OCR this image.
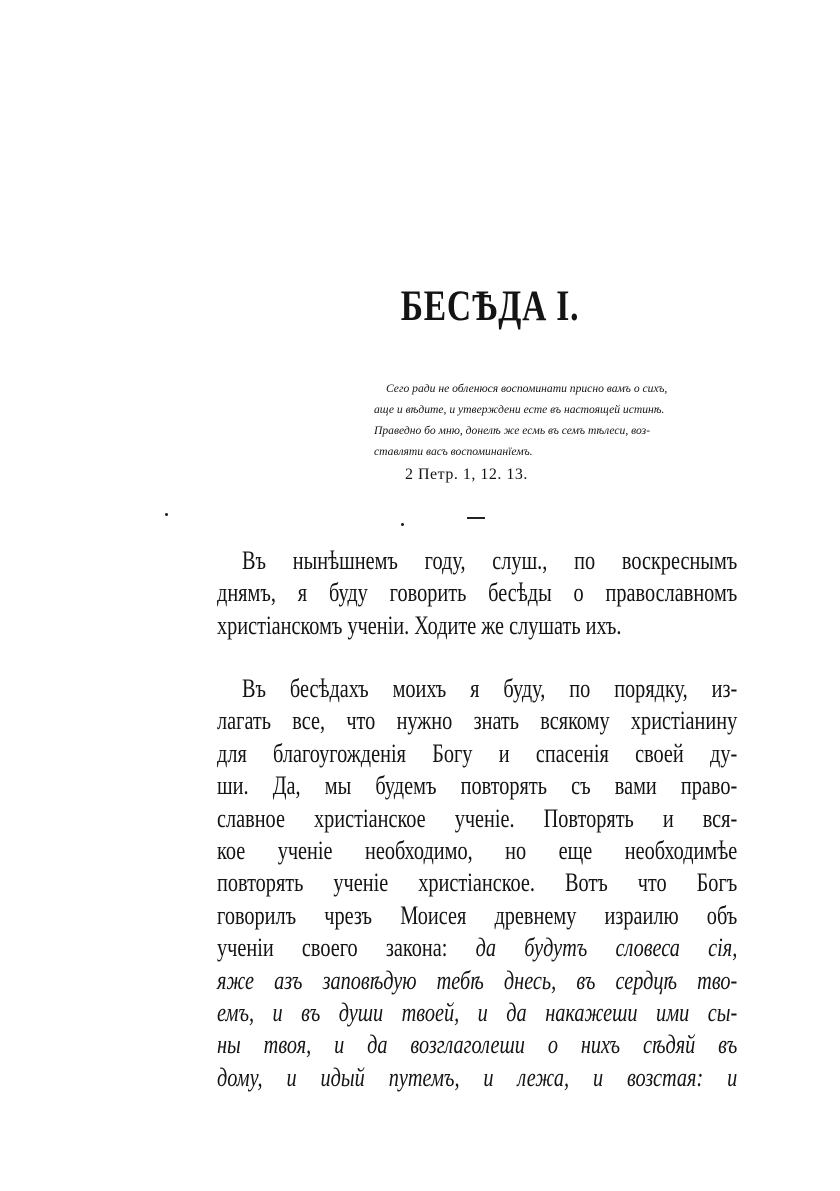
БЕСѢДА I.
Сего ради не обленюся воспоминати присно вамъ о сихъ,
аще и вѣдите, и утверждени есте въ настоящей истинѣ.
Праведно бо мню, донелѣ же есмь въ семъ тѣлеси, воз-
ставляти васъ воспоминанїемъ.
2 Петр. 1, 12. 13.
Въ нынѣшнемъ году, слуш., по воскреснымъ
днямъ, я буду говорить бесѣды о православномъ
христіанскомъ ученіи. Ходите же слушать ихъ.
Въ бесѣдахъ моихъ я буду, по порядку, из-
лагать все, что нужно знать всякому христіанину
для благоугожденія Богу и спасенія своей ду-
ши. Да, мы будемъ повторять съ вами право-
славное христіанское ученіе. Повторять и вся-
кое ученіе необходимо, но еще необходимѣе
повторять ученіе христіанское. Вотъ что Богъ
говорилъ чрезъ Моисея древнему израилю объ
ученіи своего закона: да будутъ словеса сія,
яже азъ заповѣдую тебѣ днесь, въ сердцѣ тво-
емъ, и въ души твоей, и да накажеши ими сы-
ны твоя, и да возглаголеши о нихъ сѣдяй въ
дому, и идый путемъ, и лежа, и возстая: и
